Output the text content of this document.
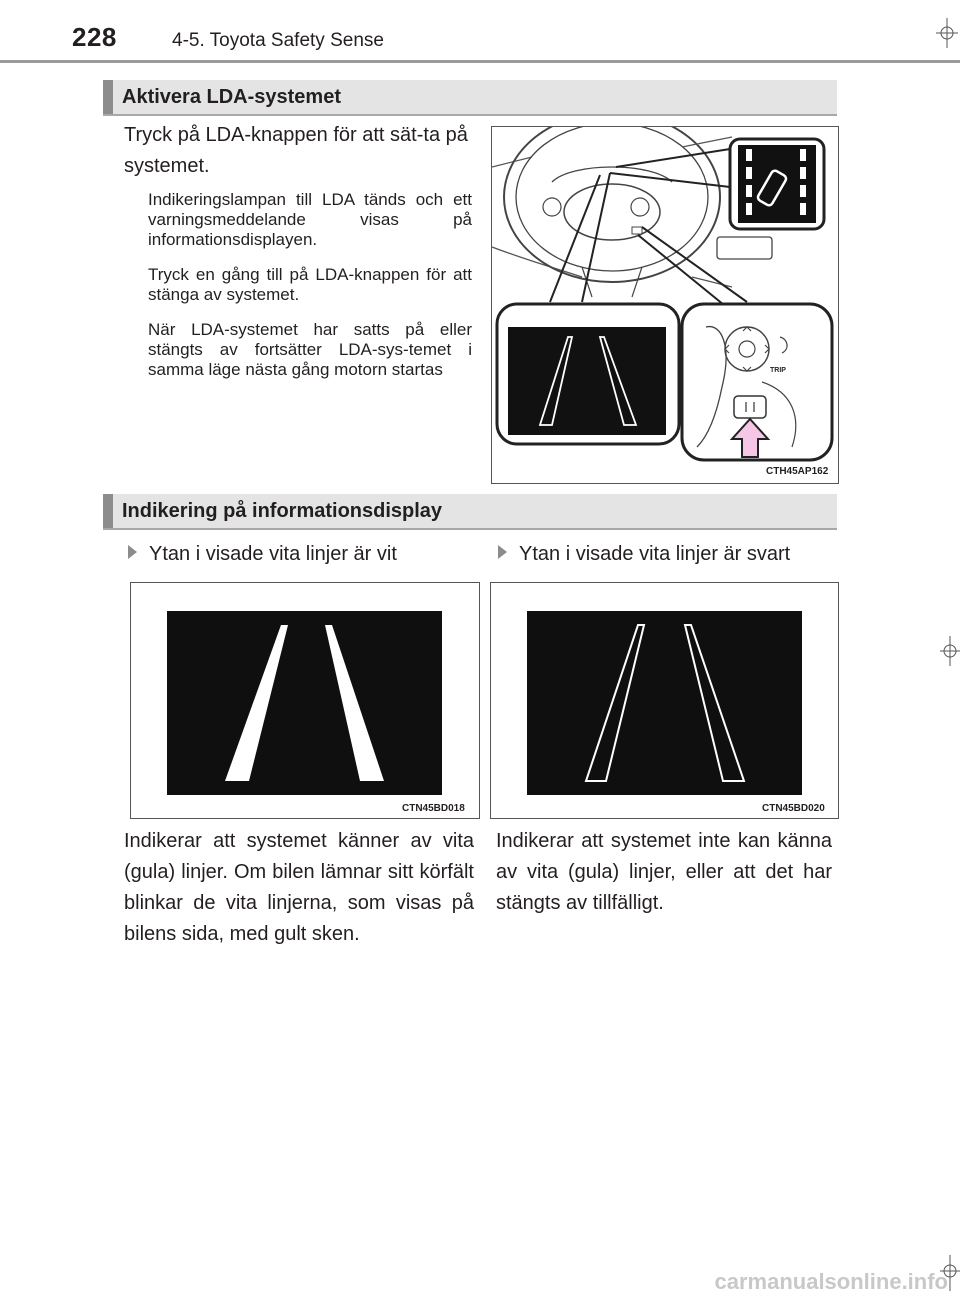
228	4-5. Toyota Safety Sense
Aktivera LDA-systemet
Tryck på LDA-knappen för att sät-ta på systemet.
Indikeringslampan till LDA tänds och ett varningsmeddelande visas på informationsdisplayen.
Tryck en gång till på LDA-knappen för att stänga av systemet.
När LDA-systemet har satts på eller stängts av fortsätter LDA-sys-temet i samma läge nästa gång motorn startas	TRIP
CTH45AP162
Indikering på informationsdisplay
Ytan i visade vita linjer är vit	Ytan i visade vita linjer är svart
CTN45BD018	CTN45BD020
Indikerar att systemet känner av vita (gula) linjer. Om bilen lämnar sitt körfält blinkar de vita linjerna, som visas på bilens sida, med gult sken.
Indikerar att systemet inte kan känna av vita (gula) linjer, eller att det har stängts av tillfälligt.
carmanualsonline.info
